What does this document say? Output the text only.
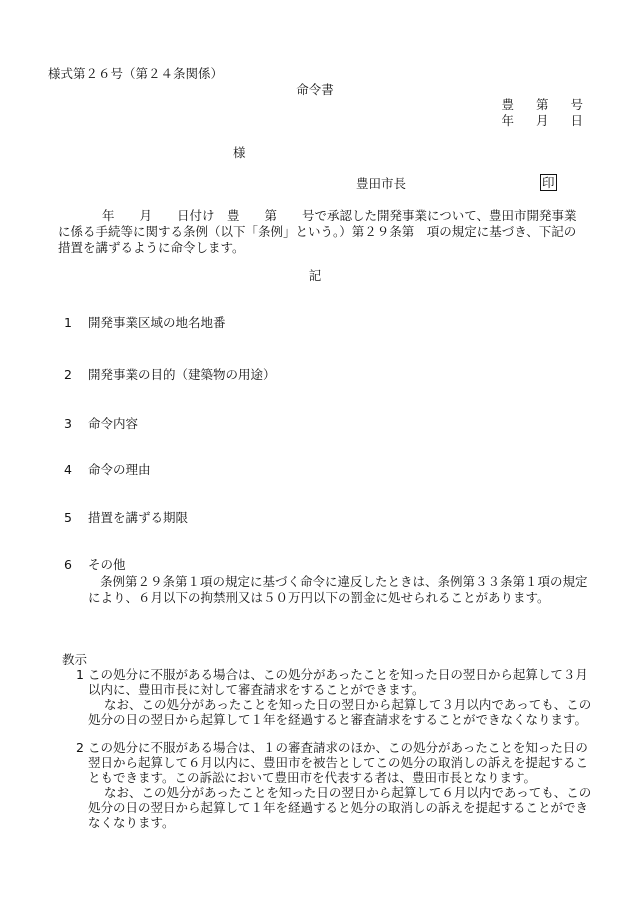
様式第２６号（第２４条関係）
命令書
豊 第 号
年 月 日
様
豊田市長	印
年　　月　　日付け　豊　　第　　号で承認した開発事業について、豊田市開発事業に係る手続等に関する条例（以下「条例」という。）第２９条第　項の規定に基づき、下記の措置を講ずるように命令します。
記
1 開発事業区域の地名地番
2 開発事業の目的（建築物の用途）
3 命令内容
4 命令の理由
5 措置を講ずる期限
6 その他
条例第２９条第１項の規定に基づく命令に違反したときは、条例第３３条第１項の規定により、６月以下の拘禁刑又は５０万円以下の罰金に処せられることがあります。
教示
1 この処分に不服がある場合は、この処分があったことを知った日の翌日から起算して３月以内に、豊田市長に対して審査請求をすることができます。
なお、この処分があったことを知った日の翌日から起算して３月以内であっても、この処分の日の翌日から起算して１年を経過すると審査請求をすることができなくなります。
2 この処分に不服がある場合は、１の審査請求のほか、この処分があったことを知った日の翌日から起算して６月以内に、豊田市を被告としてこの処分の取消しの訴えを提起することもできます。この訴訟において豊田市を代表する者は、豊田市長となります。
なお、この処分があったことを知った日の翌日から起算して６月以内であっても、この処分の日の翌日から起算して１年を経過すると処分の取消しの訴えを提起することができなくなります。
